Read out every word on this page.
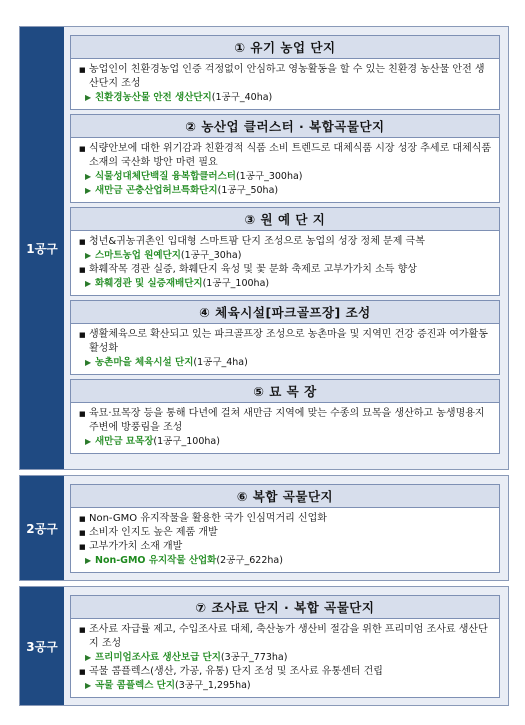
1공구
① 유기 농업 단지
■ 농업인이 친환경농업 인증 걱정없이 안심하고 영농활동을 할 수 있는 친환경 농산물 안전 생산단지 조성
▶ 친환경농산물 안전 생산단지 (1공구_40ha)
② 농산업 클러스터 · 복합곡물단지
■ 식량안보에 대한 위기감과 친환경적 식품 소비 트렌드로 대체식품 시장 성장 추세로 대체식품 소재의 국산화 방안 마련 필요
▶ 식물성대체단백질 융복합클러스터 (1공구_300ha)
▶ 새만금 곤충산업허브특화단지 (1공구_50ha)
③ 원 예 단 지
■ 청년&귀농귀촌인 입대형 스마트팜 단지 조성으로 농업의 성장 정체 문제 극복
▶ 스마트농업 원예단지 (1공구_30ha)
■ 화훼작목 경관 실증, 화훼단지 육성 및 꽃 문화 축제로 고부가가치 소득 향상
▶ 화훼경관 및 실증재배단지 (1공구_100ha)
④ 체육시설[파크골프장] 조성
■ 생활체육으로 확산되고 있는 파크골프장 조성으로 농촌마을 및 지역민 건강 증진과 여가활동 활성화
▶ 농촌마을 체육시설 단지 (1공구_4ha)
⑤ 묘 목 장
■ 육묘·묘목장 등을 통해 다년에 걸쳐 새만금 지역에 맞는 수종의 묘목을 생산하고 농생명용지 주변에 방풍림을 조성
▶ 새만금 묘목장 (1공구_100ha)
2공구
⑥ 복합 곡물단지
■ Non-GMO 유지작물을 활용한 국가 인심먹거리 신업화
■ 소비자 인지도 높은 제품 개발
■ 고부가가치 소재 개발
▶ Non-GMO 유지작물 산업화 (2공구_622ha)
3공구
⑦ 조사료 단지 · 복합 곡물단지
■ 조사료 자급률 제고, 수입조사료 대체, 축산농가 생산비 절감을 위한 프리미엄 조사료 생산단지 조성
▶ 프리미엄조사료 생산보급 단지 (3공구_773ha)
■ 곡물 콤플렉스(생산, 가공, 유통) 단지 조성 및 조사료 유통센터 건립
▶ 곡물 콤플렉스 단지 (3공구_1,295ha)
